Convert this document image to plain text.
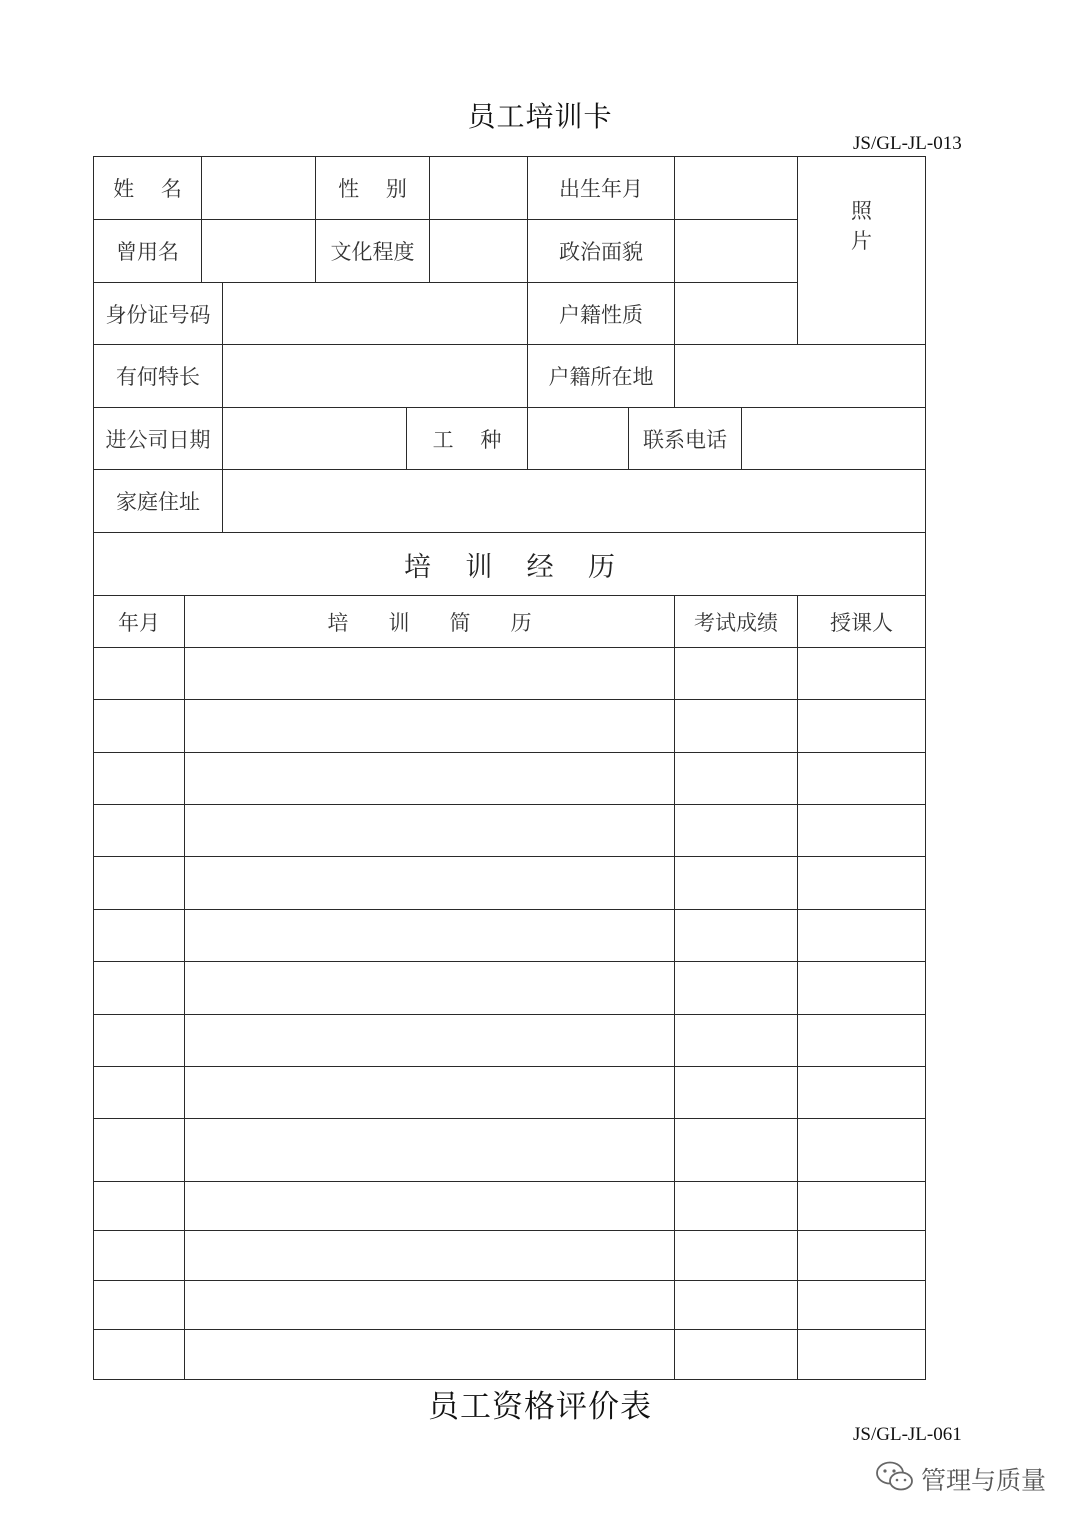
员工培训卡
JS/GL-JL-013
姓    名	性    别	出生年月
照
片
曾用名	文化程度	政治面貌
身份证号码	户籍性质
有何特长	户籍所在地
进公司日期	工    种	联系电话
家庭住址
培    训    经    历
年月	培      训      简      历	考试成绩	授课人
员工资格评价表
JS/GL-JL-061
管理与质量
